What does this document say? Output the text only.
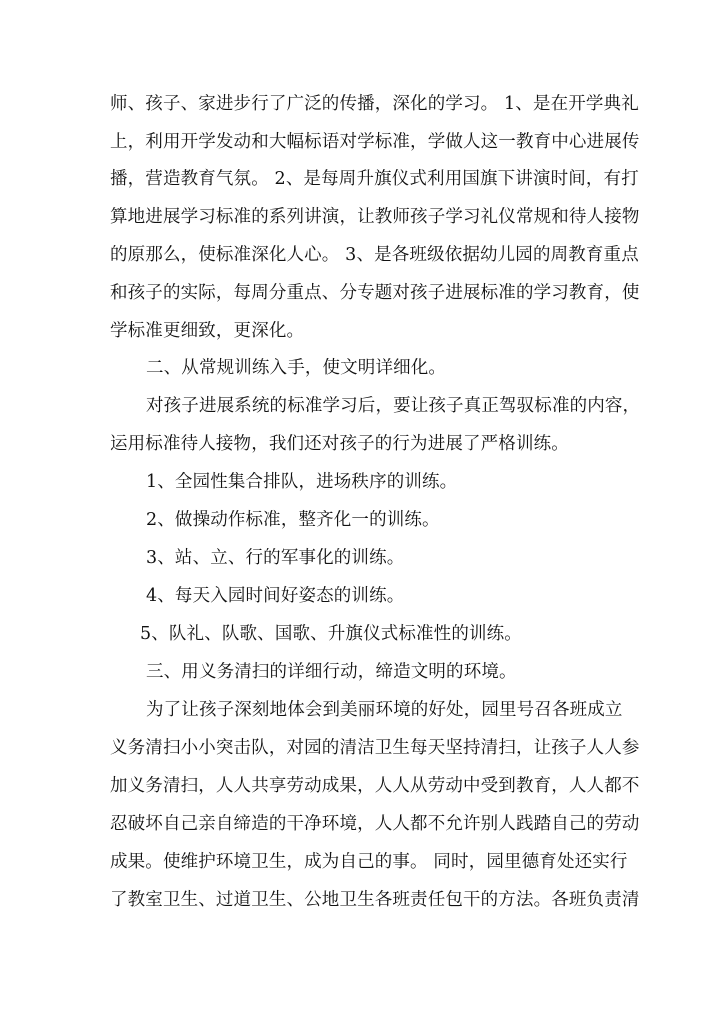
师、孩子、家进步行了广泛的传播，深化的学习。 1、是在开学典礼
上，利用开学发动和大幅标语对学标准，学做人这一教育中心进展传
播，营造教育气氛。 2、是每周升旗仪式利用国旗下讲演时间，有打
算地进展学习标准的系列讲演，让教师孩子学习礼仪常规和待人接物
的原那么，使标准深化人心。 3、是各班级依据幼儿园的周教育重点
和孩子的实际，每周分重点、分专题对孩子进展标准的学习教育，使
学标准更细致，更深化。
二、从常规训练入手，使文明详细化。
对孩子进展系统的标准学习后，要让孩子真正驾驭标准的内容，
运用标准待人接物，我们还对孩子的行为进展了严格训练。
1、全园性集合排队，进场秩序的训练。
2、做操动作标准，整齐化一的训练。
3、站、立、行的军事化的训练。
4、每天入园时间好姿态的训练。
5、队礼、队歌、国歌、升旗仪式标准性的训练。
三、用义务清扫的详细行动，缔造文明的环境。
为了让孩子深刻地体会到美丽环境的好处，园里号召各班成立
义务清扫小小突击队，对园的清洁卫生每天坚持清扫，让孩子人人参
加义务清扫，人人共享劳动成果，人人从劳动中受到教育，人人都不
忍破坏自己亲自缔造的干净环境，人人都不允许别人践踏自己的劳动
成果。使维护环境卫生，成为自己的事。 同时，园里德育处还实行
了教室卫生、过道卫生、公地卫生各班责任包干的方法。各班负责清
